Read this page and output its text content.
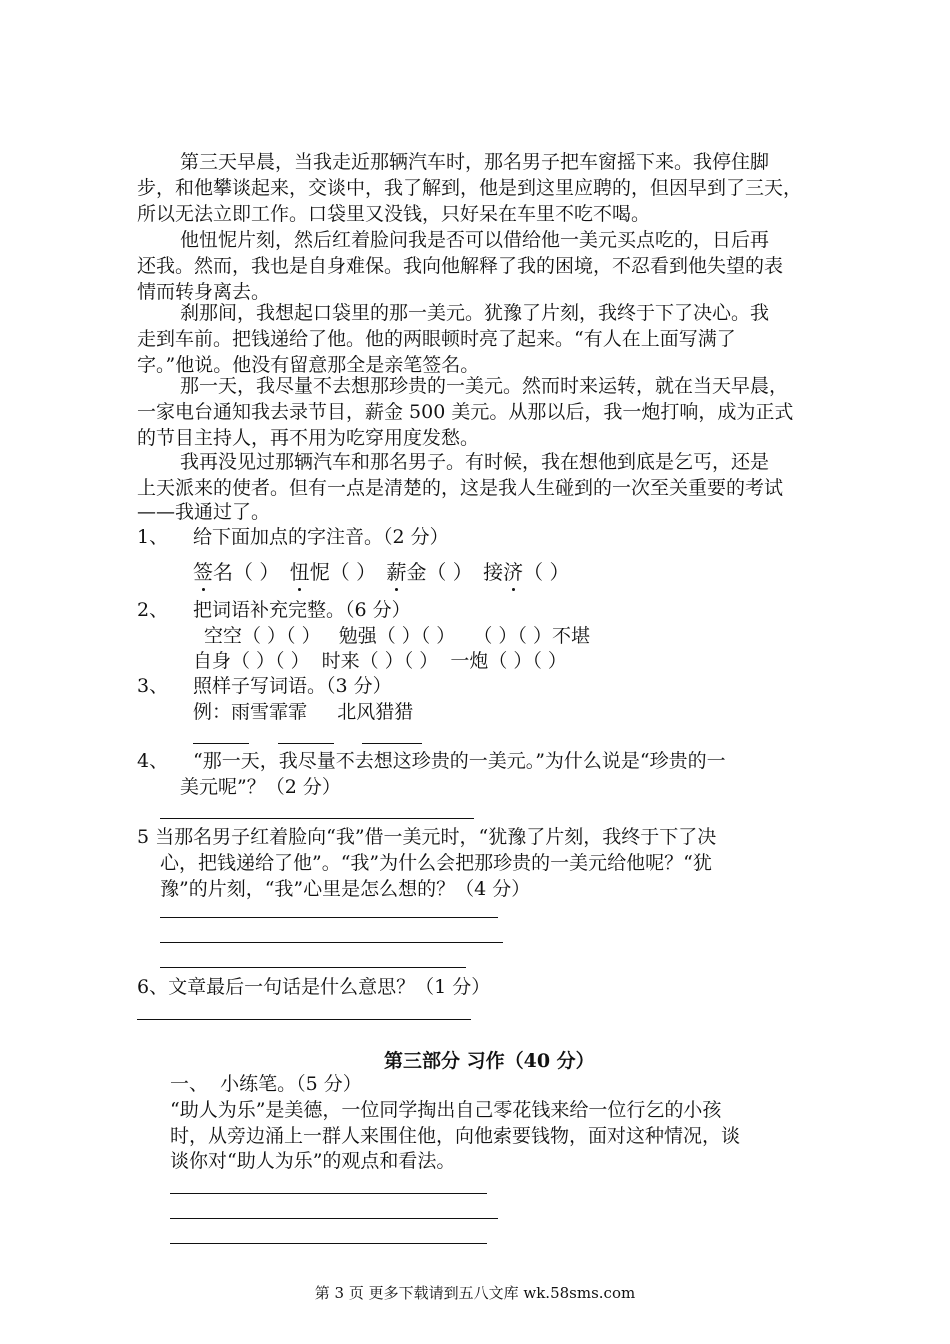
第三天早晨，当我走近那辆汽车时，那名男子把车窗摇下来。我停住脚
步，和他攀谈起来，交谈中，我了解到，他是到这里应聘的，但因早到了三天，
所以无法立即工作。口袋里又没钱，只好呆在车里不吃不喝。
他忸怩片刻，然后红着脸问我是否可以借给他一美元买点吃的，日后再
还我。然而，我也是自身难保。我向他解释了我的困境，不忍看到他失望的表
情而转身离去。
刹那间，我想起口袋里的那一美元。犹豫了片刻，我终于下了决心。我
走到车前。把钱递给了他。他的两眼顿时亮了起来。“有人在上面写满了
字。”他说。他没有留意那全是亲笔签名。
那一天，我尽量不去想那珍贵的一美元。然而时来运转，就在当天早晨，
一家电台通知我去录节目，薪金 500 美元。从那以后，我一炮打响，成为正式
的节目主持人，再不用为吃穿用度发愁。
我再没见过那辆汽车和那名男子。有时候，我在想他到底是乞丐，还是
上天派来的使者。但有一点是清楚的，这是我人生碰到的一次至关重要的考试
——我通过了。
1、 给下面加点的字注音。（2 分）
签名（ ） 忸怩（ ） 薪金（ ） 接济（ ）
2、 把词语补充完整。（6 分）
空空（ ）（ ）   勉强（ ）（ ）   （ ）（ ）不堪
自身（ ）（ ）  时来（ ）（ ）  一炮（ ）（ ）
3、 照样子写词语。（3 分）
例：雨雪霏霏     北风猎猎
4、 “那一天，我尽量不去想这珍贵的一美元。”为什么说是“珍贵的一
美元呢”？（2 分）
5 当那名男子红着脸向“我”借一美元时，“犹豫了片刻，我终于下了决
心，把钱递给了他”。“我”为什么会把那珍贵的一美元给他呢？“犹
豫”的片刻，“我”心里是怎么想的？（4 分）
6、文章最后一句话是什么意思？（1 分）
第三部分 习作（40 分）
一、  小练笔。（5 分）
“助人为乐”是美德，一位同学掏出自己零花钱来给一位行乞的小孩
时，从旁边涌上一群人来围住他，向他索要钱物，面对这种情况，谈
谈你对“助人为乐”的观点和看法。
第 3 页 更多下载请到五八文库 wk.58sms.com
